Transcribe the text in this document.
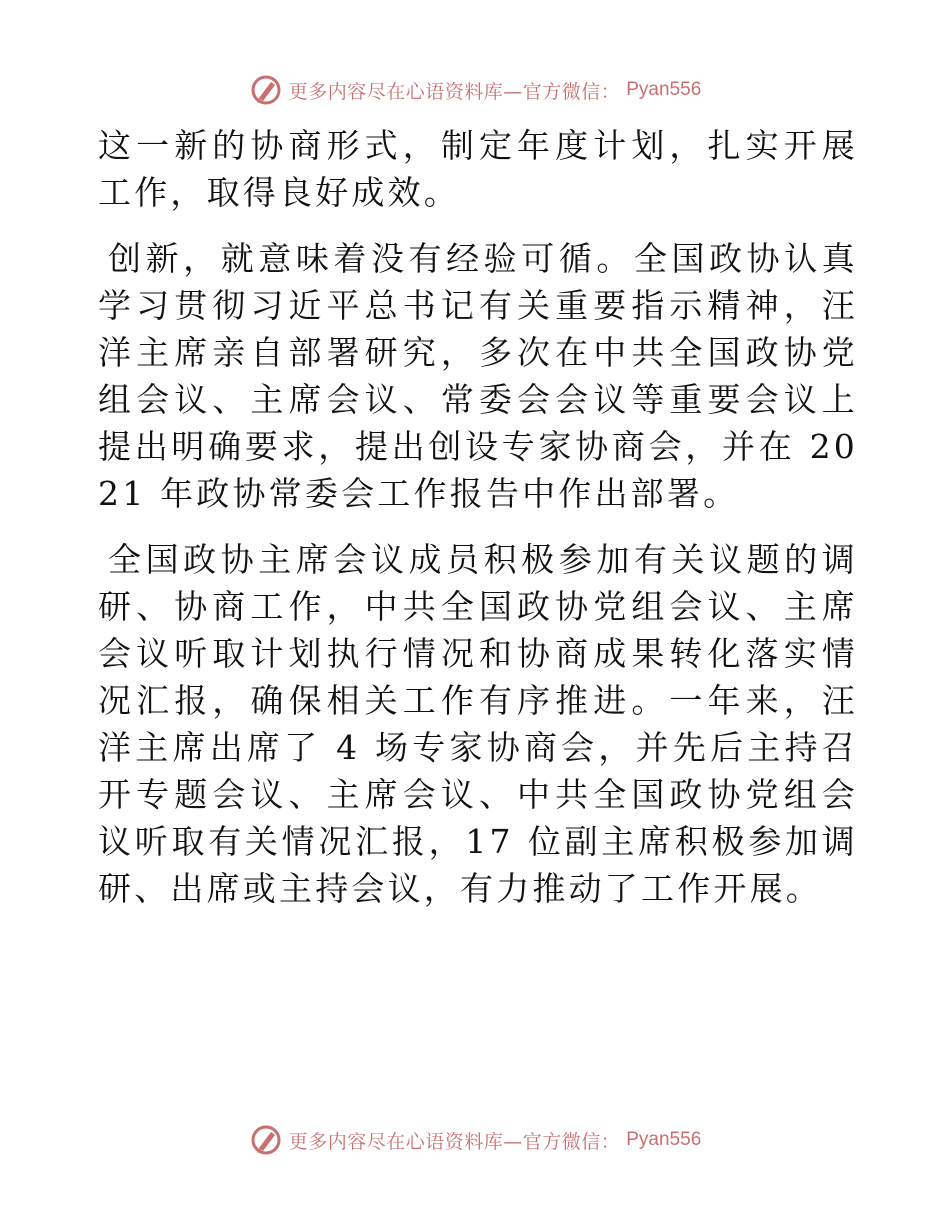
更多内容尽在心语资料库—官方微信： Pyan556

这一新的协商形式，制定年度计划，扎实开展工作，取得良好成效。

创新，就意味着没有经验可循。全国政协认真学习贯彻习近平总书记有关重要指示精神，汪洋主席亲自部署研究，多次在中共全国政协党组会议、主席会议、常委会会议等重要会议上提出明确要求，提出创设专家协商会，并在 2021 年政协常委会工作报告中作出部署。

全国政协主席会议成员积极参加有关议题的调研、协商工作，中共全国政协党组会议、主席会议听取计划执行情况和协商成果转化落实情况汇报，确保相关工作有序推进。一年来，汪洋主席出席了 4 场专家协商会，并先后主持召开专题会议、主席会议、中共全国政协党组会议听取有关情况汇报，17 位副主席积极参加调研、出席或主持会议，有力推动了工作开展。

更多内容尽在心语资料库—官方微信： Pyan556
